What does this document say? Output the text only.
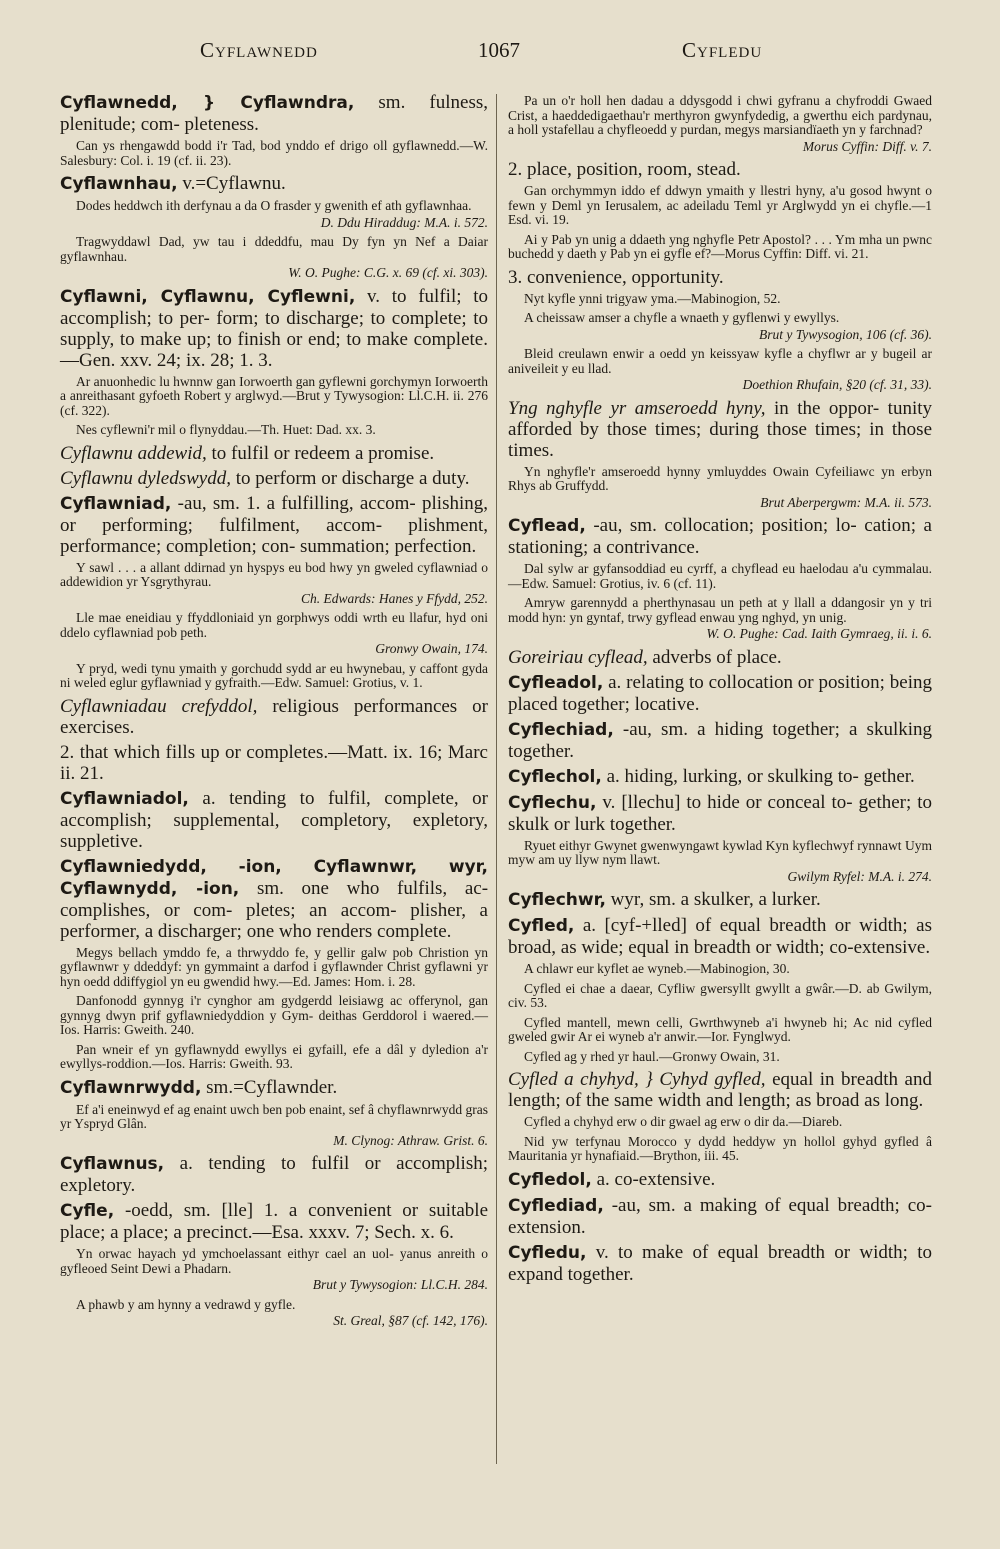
Cyflawnedd	1067	Cyfledu

Cyflawnedd, } Cyflawndra, sm. fulness, plenitude; com- pleteness.

Can ys rhengawdd bodd i'r Tad, bod ynddo ef drigo oll gyflawnedd.—W. Salesbury: Col. i. 19 (cf. ii. 23).

Cyflawnhau, v.=Cyflawnu.

Dodes heddwch ith derfynau a da O frasder y gwenith ef ath gyflawnhaa.

D. Ddu Hiraddug: M.A. i. 572.

Tragwyddawl Dad, yw tau i ddeddfu, mau Dy fyn yn Nef a Daiar gyflawnhau.

W. O. Pughe: C.G. x. 69 (cf. xi. 303).

Cyflawni, Cyflawnu, Cyflewni, v. to fulfil; to accomplish; to per- form; to discharge; to complete; to supply, to make up; to finish or end; to make complete.—Gen. xxv. 24; ix. 28; 1. 3.

Ar anuonhedic lu hwnnw gan Iorwoerth gan gyflewni gorchymyn Iorwoerth a anreithasant gyfoeth Robert y arglwyd.—Brut y Tywysogion: Ll.C.H. ii. 276 (cf. 322).

Nes cyflewni'r mil o flynyddau.—Th. Huet: Dad. xx. 3.

Cyflawnu addewid, to fulfil or redeem a promise.

Cyflawnu dyledswydd, to perform or discharge a duty.

Cyflawniad, -au, sm. 1. a fulfilling, accom- plishing, or performing; fulfilment, accom- plishment, performance; completion; con- summation; perfection.

Y sawl . . . a allant ddirnad yn hyspys eu bod hwy yn gweled cyflawniad o addewidion yr Ysgrythyrau.

Ch. Edwards: Hanes y Ffydd, 252.

Lle mae eneidiau y ffyddloniaid yn gorphwys oddi wrth eu llafur, hyd oni ddelo cyflawniad pob peth.

Gronwy Owain, 174.

Y pryd, wedi tynu ymaith y gorchudd sydd ar eu hwynebau, y caffont gyda ni weled eglur gyflawniad y gyfraith.—Edw. Samuel: Grotius, v. 1.

Cyflawniadau crefyddol, religious performances or exercises.

2. that which fills up or completes.—Matt. ix. 16; Marc ii. 21.

Cyflawniadol, a. tending to fulfil, complete, or accomplish; supplemental, completory, expletory, suppletive.

Cyflawniedydd, -ion, Cyflawnwr, wyr, Cyflawnydd, -ion, sm. one who fulfils, ac- complishes, or com- pletes; an accom- plisher, a performer, a discharger; one who renders complete.

Megys bellach ymddo fe, a thrwyddo fe, y gellir galw pob Christion yn gyflawnwr y ddeddyf: yn gymmaint a darfod i gyflawnder Christ gyflawni yr hyn oedd ddiffygiol yn eu gwendid hwy.—Ed. James: Hom. i. 28.

Danfonodd gynnyg i'r cynghor am gydgerdd leisiawg ac offerynol, gan gynnyg dwyn prif gyflawniedyddion y Gym- deithas Gerddorol i waered.—Ios. Harris: Gweith. 240.

Pan wneir ef yn gyflawnydd ewyllys ei gyfaill, efe a dâl y dyledion a'r ewyllys-roddion.—Ios. Harris: Gweith. 93.

Cyflawnrwydd, sm.=Cyflawnder.

Ef a'i eneinwyd ef ag enaint uwch ben pob enaint, sef â chyflawnrwydd gras yr Yspryd Glân.

M. Clynog: Athraw. Grist. 6.

Cyflawnus, a. tending to fulfil or accomplish; expletory.

Cyfle, -oedd, sm. [lle] 1. a convenient or suitable place; a place; a precinct.—Esa. xxxv. 7; Sech. x. 6.

Yn orwac hayach yd ymchoelassant eithyr cael an uol- yanus anreith o gyfleoed Seint Dewi a Phadarn.

Brut y Tywysogion: Ll.C.H. 284.

A phawb y am hynny a vedrawd y gyfle.

St. Greal, §87 (cf. 142, 176).

Pa un o'r holl hen dadau a ddysgodd i chwi gyfranu a chyfroddi Gwaed Crist, a haeddedigaethau'r merthyron gwynfydedig, a gwerthu eich pardynau, a holl ystafellau a chyfleoedd y purdan, megys marsiandïaeth yn y farchnad?

Morus Cyffin: Diff. v. 7.

2. place, position, room, stead.

Gan orchymmyn iddo ef ddwyn ymaith y llestri hyny, a'u gosod hwynt o fewn y Deml yn Ierusalem, ac adeiladu Teml yr Arglwydd yn ei chyfle.—1 Esd. vi. 19.

Ai y Pab yn unig a ddaeth yng nghyfle Petr Apostol? . . . Ym mha un pwnc buchedd y daeth y Pab yn ei gyfle ef?—Morus Cyffin: Diff. vi. 21.

3. convenience, opportunity.

Nyt kyfle ynni trigyaw yma.—Mabinogion, 52.

A cheissaw amser a chyfle a wnaeth y gyflenwi y ewyllys.

Brut y Tywysogion, 106 (cf. 36).

Bleid creulawn enwir a oedd yn keissyaw kyfle a chyflwr ar y bugeil ar aniveileit y eu llad.

Doethion Rhufain, §20 (cf. 31, 33).

Yng nghyfle yr amseroedd hyny, in the oppor- tunity afforded by those times; during those times; in those times.

Yn nghyfle'r amseroedd hynny ymluyddes Owain Cyfeiliawc yn erbyn Rhys ab Gruffydd.

Brut Aberpergwm: M.A. ii. 573.

Cyflead, -au, sm. collocation; position; lo- cation; a stationing; a contrivance.

Dal sylw ar gyfansoddiad eu cyrff, a chyflead eu haelodau a'u cymmalau.—Edw. Samuel: Grotius, iv. 6 (cf. 11).

Amryw garennydd a pherthynasau un peth at y llall a ddangosir yn y tri modd hyn: yn gyntaf, trwy gyflead enwau yng nghyd, yn unig.

W. O. Pughe: Cad. Iaith Gymraeg, ii. i. 6.

Goreiriau cyflead, adverbs of place.

Cyfleadol, a. relating to collocation or position; being placed together; locative.

Cyflechiad, -au, sm. a hiding together; a skulking together.

Cyflechol, a. hiding, lurking, or skulking to- gether.

Cyflechu, v. [llechu] to hide or conceal to- gether; to skulk or lurk together.

Ryuet eithyr Gwynet gwenwyngawt kywlad Kyn kyflechwyf rynnawt Uym myw am uy llyw nym llawt.

Gwilym Ryfel: M.A. i. 274.

Cyflechwr, wyr, sm. a skulker, a lurker.

Cyfled, a. [cyf-+lled] of equal breadth or width; as broad, as wide; equal in breadth or width; co-extensive.

A chlawr eur kyflet ae wyneb.—Mabinogion, 30.

Cyfled ei chae a daear, Cyfliw gwersyllt gwyllt a gwâr.—D. ab Gwilym, civ. 53.

Cyfled mantell, mewn celli, Gwrthwyneb a'i hwyneb hi; Ac nid cyfled gweled gwir Ar ei wyneb a'r anwir.—Ior. Fynglwyd.

Cyfled ag y rhed yr haul.—Gronwy Owain, 31.

Cyfled a chyhyd, } Cyhyd gyfled, equal in breadth and length; of the same width and length; as broad as long.

Cyfled a chyhyd erw o dir gwael ag erw o dir da.—Diareb.

Nid yw terfynau Morocco y dydd heddyw yn hollol gyhyd gyfled â Mauritania yr hynafiaid.—Brython, iii. 45.

Cyfledol, a. co-extensive.

Cyflediad, -au, sm. a making of equal breadth; co-extension.

Cyfledu, v. to make of equal breadth or width; to expand together.
